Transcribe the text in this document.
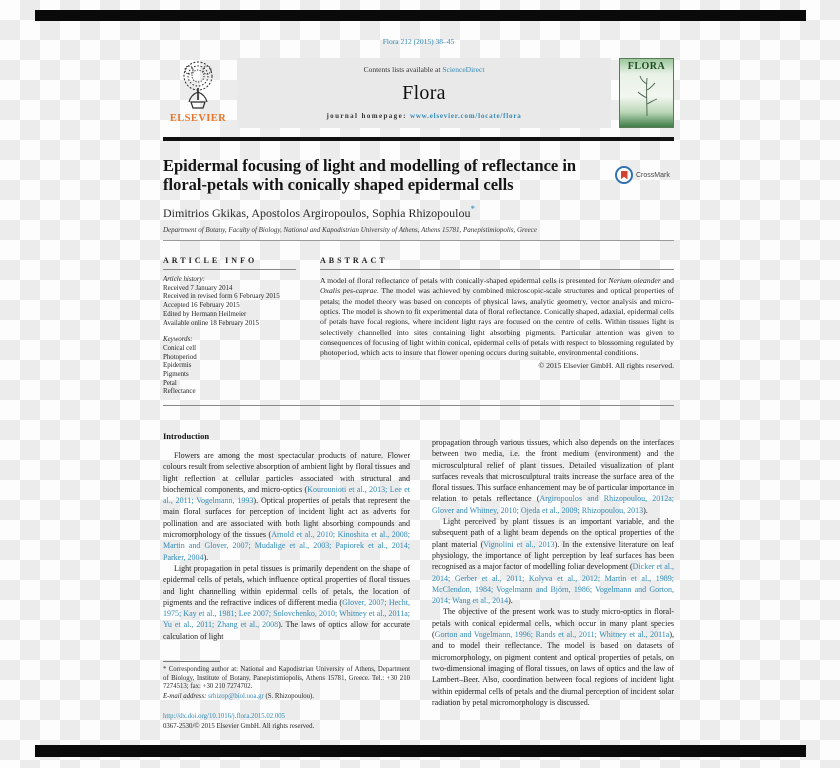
Flora 212 (2015) 38–45
ELSEVIER
Contents lists available at ScienceDirect
Flora
journal homepage: www.elsevier.com/locate/flora
FLORA
Epidermal focusing of light and modelling of reflectance in floral-petals with conically shaped epidermal cells
CrossMark
Dimitrios Gkikas, Apostolos Argiropoulos, Sophia Rhizopoulou*
Department of Botany, Faculty of Biology, National and Kapodistrian University of Athens, Athens 15781, Panepistimiopolis, Greece
ARTICLE INFO
Article history:
Received 7 January 2014
Received in revised form 6 February 2015
Accepted 16 February 2015
Edited by Hermann Heilmeier
Available online 18 February 2015
Keywords:
Conical cell
Photoperiod
Epidermis
Pigments
Petal
Reflectance
ABSTRACT
A model of floral reflectance of petals with conically-shaped epidermal cells is presented for Nerium oleander and Oxalis pes-caprae. The model was achieved by combined microscopic-scale structures and optical properties of petals; the model theory was based on concepts of physical laws, analytic geometry, vector analysis and micro-optics. The model is shown to fit experimental data of floral reflectance. Conically shaped, adaxial, epidermal cells of petals have focal regions, where incident light rays are focused on the centre of cells. Within tissues light is selectively channelled into sites containing light absorbing pigments. Particular attention was given to consequences of focusing of light within conical, epidermal cells of petals with respect to blossoming regulated by photoperiod, which acts to insure that flower opening occurs during suitable, environmental conditions.
© 2015 Elsevier GmbH. All rights reserved.
Introduction

Flowers are among the most spectacular products of nature. Flower colours result from selective absorption of ambient light by floral tissues and light reflection at cellular particles associated with structural and biochemical components, and micro-optics (Kourounioti et al., 2013; Lee et al., 2011; Vogelmann, 1993). Optical properties of petals that represent the main floral surfaces for perception of incident light act as adverts for pollination and are associated with both light absorbing compounds and micromorphology of the tissues (Arnold et al., 2010; Kinoshita et al., 2008; Martin and Glover, 2007; Mudalige et al., 2003; Papiorek et al., 2014; Parker, 2004).

Light propagation in petal tissues is primarily dependent on the shape of epidermal cells of petals, which influence optical properties of floral tissues and light channelling within epidermal cells of petals, the location of pigments and the refractive indices of different media (Glover, 2007; Hecht, 1975; Kay et al., 1981; Lee 2007; Solovchenko, 2010; Whitney et al., 2011a; Yu et al., 2011; Zhang et al., 2008). The laws of optics allow for accurate calculation of light

* Corresponding author at: National and Kapodistrian University of Athens, Department of Biology, Institute of Botany, Panepistimiopolis, Athens 15781, Greece. Tel.: +30 210 7274513; fax: +30 210 7274702.
E-mail address: srhizop@biol.uoa.gr (S. Rhizopoulou).
http://dx.doi.org/10.1016/j.flora.2015.02.005
0367-2530/© 2015 Elsevier GmbH. All rights reserved.

propagation through various tissues, which also depends on the interfaces between two media, i.e. the front medium (environment) and the microsculptural relief of plant tissues. Detailed visualization of plant surfaces reveals that microsculptural traits increase the surface area of the floral tissues. This surface enhancement may be of particular importance in relation to petals reflectance (Argiropoulos and Rhizopoulou, 2012a; Glover and Whitney, 2010; Ojeda et al., 2009; Rhizopoulou, 2013).

Light perceived by plant tissues is an important variable, and the subsequent path of a light beam depends on the optical properties of the plant material (Vignolini et al., 2013). In the extensive literature on leaf physiology, the importance of light perception by leaf surfaces has been recognised as a major factor of modelling foliar development (Dicker et al., 2014; Gerber et al., 2011; Kolyva et al., 2012; Martin et al., 1989; McClendon, 1984; Vogelmann and Björn, 1986; Vogelmann and Gorton, 2014; Wang et al., 2014).

The objective of the present work was to study micro-optics in floral-petals with conical epidermal cells, which occur in many plant species (Gorton and Vogelmann, 1996; Rands et al., 2011; Whitney et al., 2011a), and to model their reflectance. The model is based on datasets of micromorphology, on pigment content and optical properties of petals, on two-dimensional imaging of floral tissues, on laws of optics and the law of Lambert–Beer. Also, coordination between focal regions of incident light within epidermal cells of petals and the diurnal perception of incident solar radiation by petal micromorphology is discussed.
